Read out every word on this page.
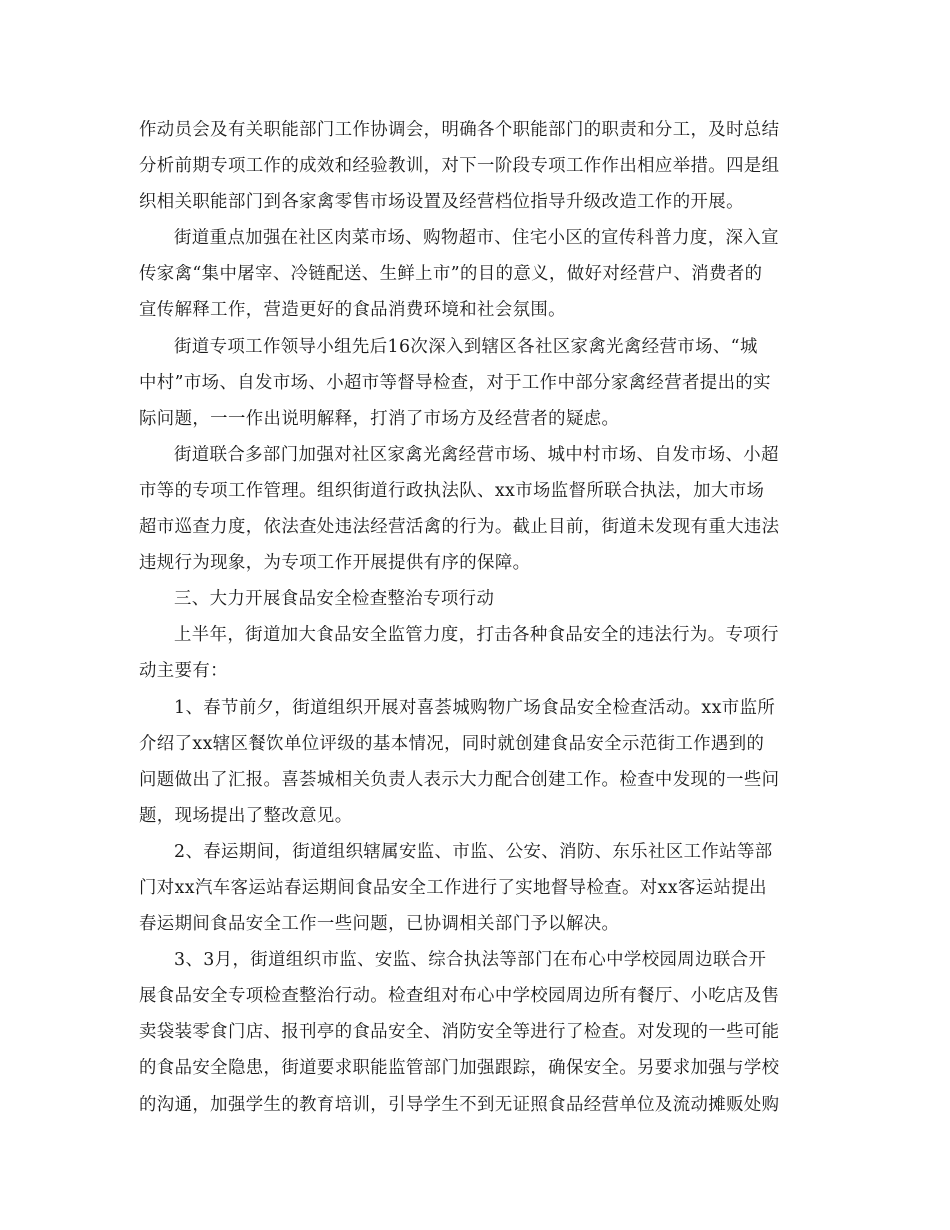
作动员会及有关职能部门工作协调会，明确各个职能部门的职责和分工，及时总结
分析前期专项工作的成效和经验教训，对下一阶段专项工作作出相应举措。四是组
织相关职能部门到各家禽零售市场设置及经营档位指导升级改造工作的开展。
街道重点加强在社区肉菜市场、购物超市、住宅小区的宣传科普力度，深入宣
传家禽“集中屠宰、冷链配送、生鲜上市”的目的意义，做好对经营户、消费者的
宣传解释工作，营造更好的食品消费环境和社会氛围。
街道专项工作领导小组先后16次深入到辖区各社区家禽光禽经营市场、“城
中村”市场、自发市场、小超市等督导检查，对于工作中部分家禽经营者提出的实
际问题，一一作出说明解释，打消了市场方及经营者的疑虑。
街道联合多部门加强对社区家禽光禽经营市场、城中村市场、自发市场、小超
市等的专项工作管理。组织街道行政执法队、xx市场监督所联合执法，加大市场
超市巡查力度，依法查处违法经营活禽的行为。截止目前，街道未发现有重大违法
违规行为现象，为专项工作开展提供有序的保障。
三、大力开展食品安全检查整治专项行动
上半年，街道加大食品安全监管力度，打击各种食品安全的违法行为。专项行
动主要有：
1、春节前夕，街道组织开展对喜荟城购物广场食品安全检查活动。xx市监所
介绍了xx辖区餐饮单位评级的基本情况，同时就创建食品安全示范街工作遇到的
问题做出了汇报。喜荟城相关负责人表示大力配合创建工作。检查中发现的一些问
题，现场提出了整改意见。
2、春运期间，街道组织辖属安监、市监、公安、消防、东乐社区工作站等部
门对xx汽车客运站春运期间食品安全工作进行了实地督导检查。对xx客运站提出
春运期间食品安全工作一些问题，已协调相关部门予以解决。
3、3月，街道组织市监、安监、综合执法等部门在布心中学校园周边联合开
展食品安全专项检查整治行动。检查组对布心中学校园周边所有餐厅、小吃店及售
卖袋装零食门店、报刊亭的食品安全、消防安全等进行了检查。对发现的一些可能
的食品安全隐患，街道要求职能监管部门加强跟踪，确保安全。另要求加强与学校
的沟通，加强学生的教育培训，引导学生不到无证照食品经营单位及流动摊贩处购
